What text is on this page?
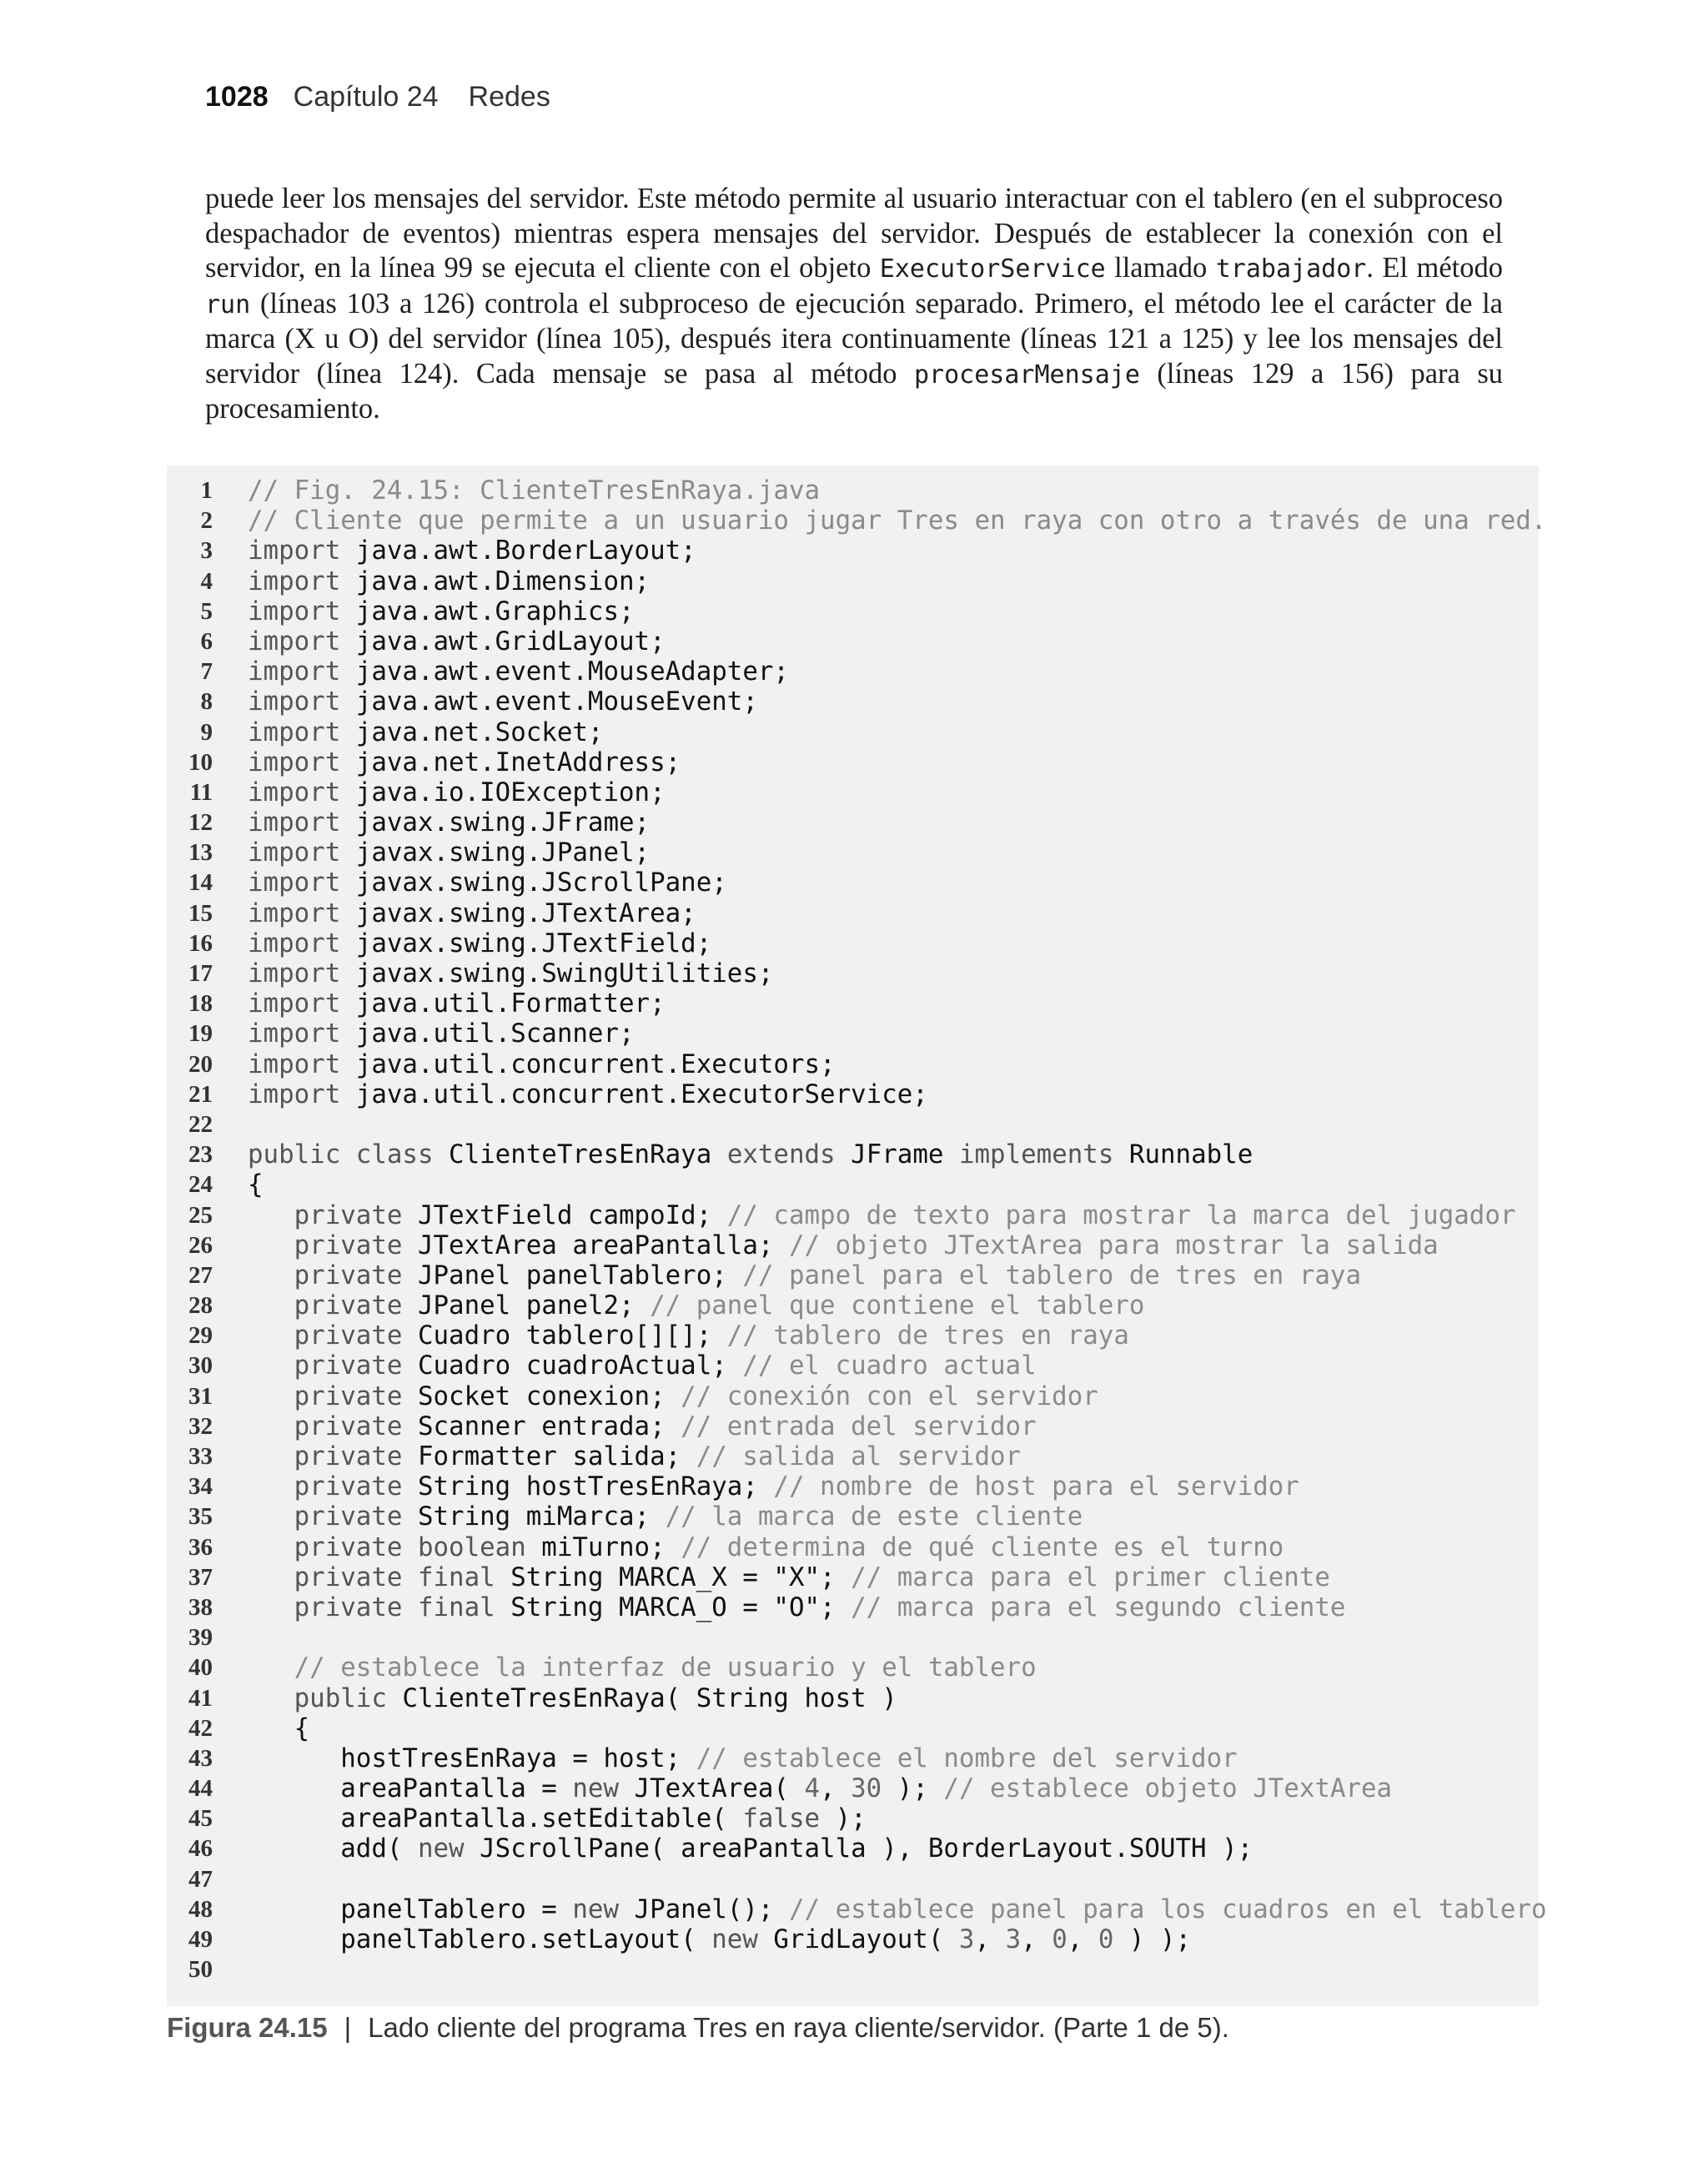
1028 Capítulo 24 Redes

puede leer los mensajes del servidor. Este método permite al usuario interactuar con el tablero (en el subproceso despachador de eventos) mientras espera mensajes del servidor. Después de establecer la conexión con el servidor, en la línea 99 se ejecuta el cliente con el objeto ExecutorService llamado trabajador. El método run (líneas 103 a 126) controla el subproceso de ejecución separado. Primero, el método lee el carácter de la marca (X u O) del servidor (línea 105), después itera continuamente (líneas 121 a 125) y lee los mensajes del servidor (línea 124). Cada mensaje se pasa al método procesarMensaje (líneas 129 a 156) para su procesamiento.

1 // Fig. 24.15: ClienteTresEnRaya.java
2 // Cliente que permite a un usuario jugar Tres en raya con otro a través de una red.
3 import java.awt.BorderLayout;
4 import java.awt.Dimension;
5 import java.awt.Graphics;
6 import java.awt.GridLayout;
7 import java.awt.event.MouseAdapter;
8 import java.awt.event.MouseEvent;
9 import java.net.Socket;
10 import java.net.InetAddress;
11 import java.io.IOException;
12 import javax.swing.JFrame;
13 import javax.swing.JPanel;
14 import javax.swing.JScrollPane;
15 import javax.swing.JTextArea;
16 import javax.swing.JTextField;
17 import javax.swing.SwingUtilities;
18 import java.util.Formatter;
19 import java.util.Scanner;
20 import java.util.concurrent.Executors;
21 import java.util.concurrent.ExecutorService;
22
23 public class ClienteTresEnRaya extends JFrame implements Runnable
24 {
25	private JTextField campoId; // campo de texto para mostrar la marca del jugador
26	private JTextArea areaPantalla; // objeto JTextArea para mostrar la salida
27	private JPanel panelTablero; // panel para el tablero de tres en raya
28	private JPanel panel2; // panel que contiene el tablero
29	private Cuadro tablero[][]; // tablero de tres en raya
30	private Cuadro cuadroActual; // el cuadro actual
31	private Socket conexion; // conexión con el servidor
32	private Scanner entrada; // entrada del servidor
33	private Formatter salida; // salida al servidor
34	private String hostTresEnRaya; // nombre de host para el servidor
35	private String miMarca; // la marca de este cliente
36	private boolean miTurno; // determina de qué cliente es el turno
37	private final String MARCA_X = "X"; // marca para el primer cliente
38	private final String MARCA_O = "O"; // marca para el segundo cliente
39
40	// establece la interfaz de usuario y el tablero
41	public ClienteTresEnRaya( String host )
42 {
43 hostTresEnRaya = host; // establece el nombre del servidor
44 areaPantalla = new JTextArea( 4, 30 ); // establece objeto JTextArea
45 areaPantalla.setEditable( false );
46 add( new JScrollPane( areaPantalla ), BorderLayout.SOUTH );
47
48 panelTablero = new JPanel(); // establece panel para los cuadros en el tablero
49 panelTablero.setLayout( new GridLayout( 3, 3, 0, 0 ) );
50
Figura 24.15 | Lado cliente del programa Tres en raya cliente/servidor. (Parte 1 de 5).
